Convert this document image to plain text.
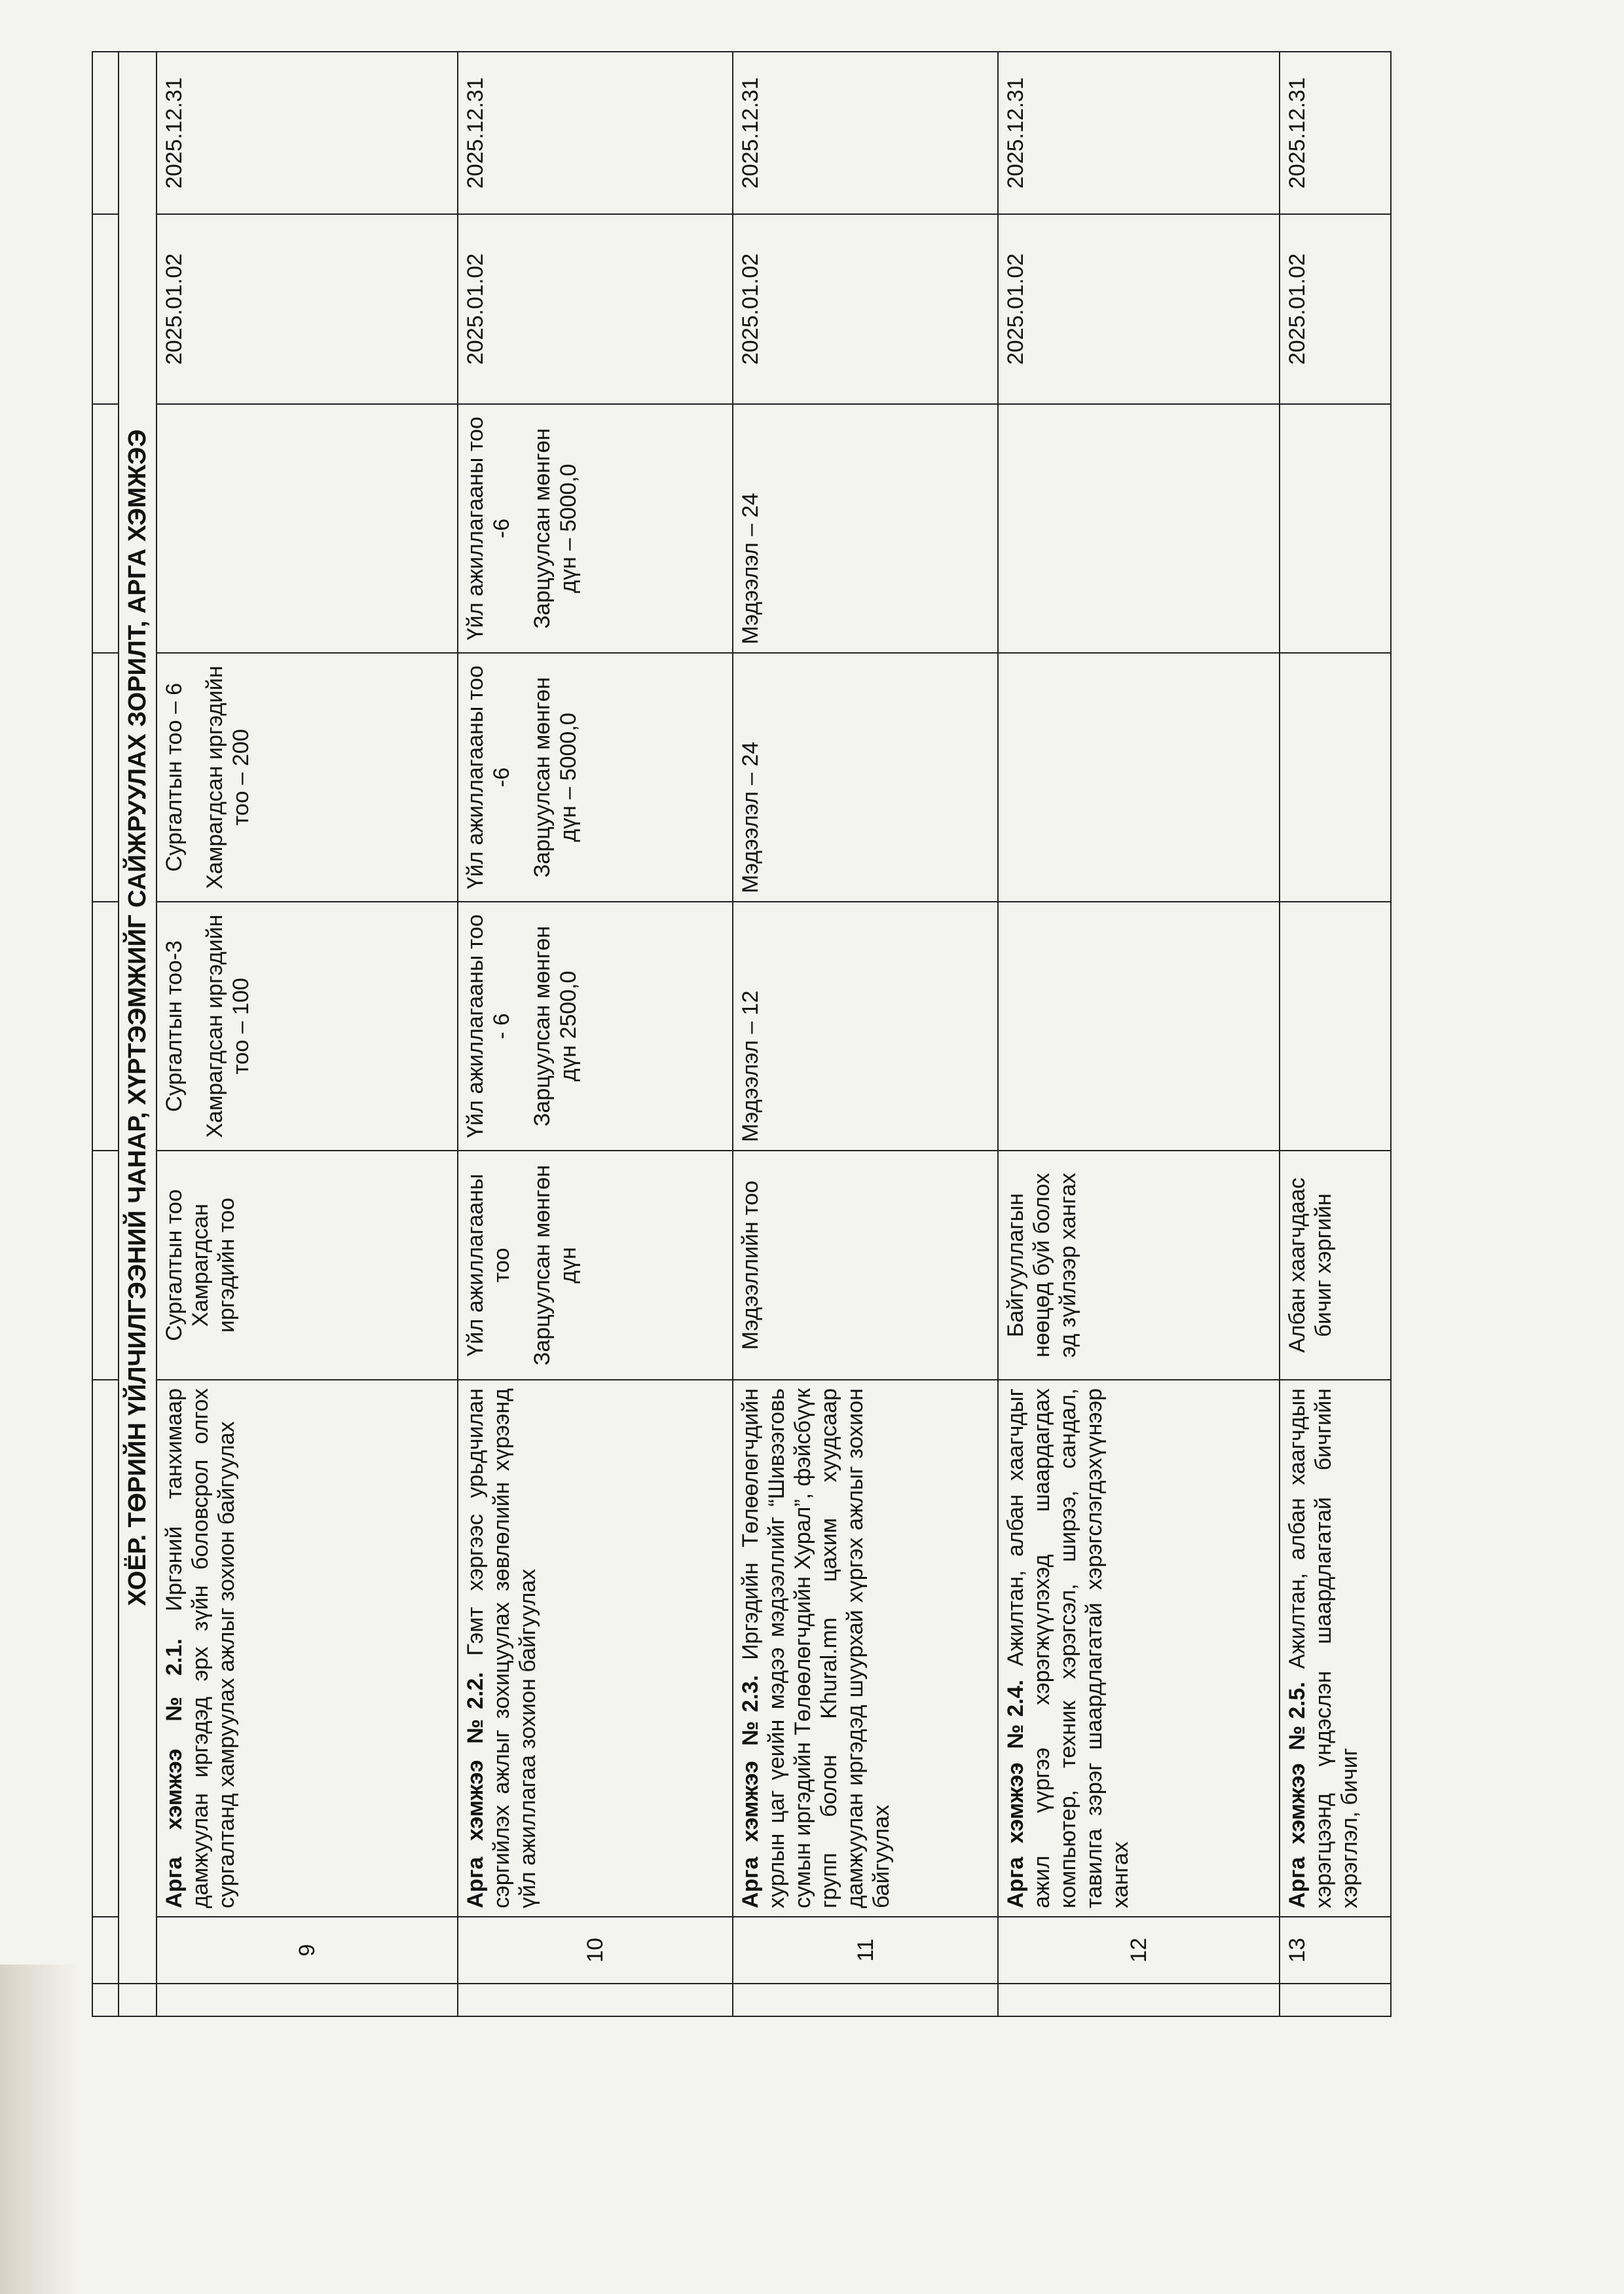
	ХОЁР. ТӨРИЙН ҮЙЛЧИЛГЭЭНИЙ ЧАНАР, ХҮРТЭЭМЖИЙГ САЙЖРУУЛАХ ЗОРИЛТ, АРГА ХЭМЖЭЭ							
	9	Арга хэмжээ №2.1. Иргэний танхимаар дамжуулан иргэдэд эрх зүйн боловсрол олгох сургалтанд хамруулах ажлыг зохион байгуулах	Сургалтын тоо Хамрагдсан иргэдийн тоо	Сургалтын тоо-3 Хамрагдсан иргэдийн тоо – 100	Сургалтын тоо – 6 Хамрагдсан иргэдийн тоо – 200		2025.01.02	2025.12.31
	10	Арга хэмжээ №2.2. Гэмт хэргээс урьдчилан сэргийлэх ажлыг зохицуулах зөвлөлийн хүрээнд үйл ажиллагаа зохион байгуулах	Үйл ажиллагааны тоо Зарцуулсан мөнгөн дүн	Үйл ажиллагааны тоо - 6 Зарцуулсан мөнгөн дүн 2500,0	Үйл ажиллагааны тоо -6 Зарцуулсан мөнгөн дүн – 5000,0	Үйл ажиллагааны тоо -6 Зарцуулсан мөнгөн дүн – 5000,0	2025.01.02	2025.12.31
	11	Арга хэмжээ №2.3. Иргэдийн Төлөөлөгчдийн хурлын цаг үеийн мэдээ мэдээллийг “Шивээговь сумын иргэдийн Төлөөлөгчдийн Хурал”, фэйсбүүк групп болон Khural.mn цахим хуудсаар дамжуулан иргэдэд шуурхай хүргэх ажлыг зохион байгуулах	Мэдээллийн тоо	Мэдээлэл – 12	Мэдээлэл – 24	Мэдээлэл – 24	2025.01.02	2025.12.31
	12	Арга хэмжээ №2.4. Ажилтан, албан хаагчдыг ажил үүргээ хэрэгжүүлэхэд шаардагдах компьютер, техник хэрэгсэл, ширээ, сандал, тавилга зэрэг шаардлагатай хэрэгслэгдэхүүнээр хангах	Байгууллагын нөөцөд буй болох эд зүйлээр хангах				2025.01.02	2025.12.31
	13	Арга хэмжээ №2.5. Ажилтан, албан хаагчдын хэрэгцээнд үндэслэн шаардлагатай бичгийн хэрэглэл, бичиг	Албан хаагчдаас бичиг хэргийн				2025.01.02	2025.12.31
